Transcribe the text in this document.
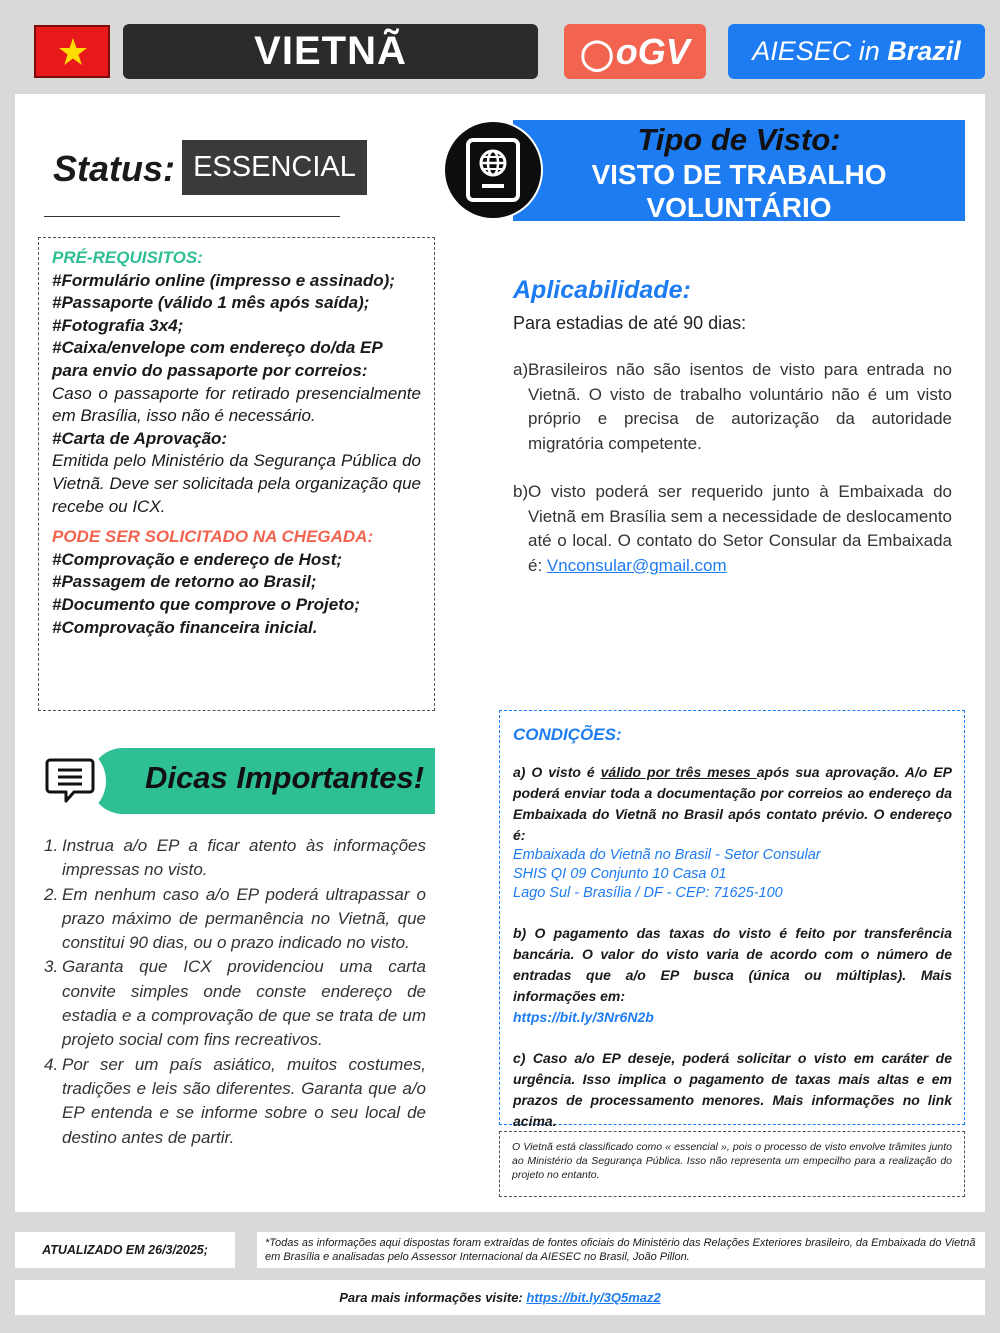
VIETNÃ	◯oGV	AIESEC in Brazil
Status: ESSENCIAL
Tipo de Visto:
VISTO DE TRABALHO
VOLUNTÁRIO
PRÉ-REQUISITOS:
#Formulário online (impresso e assinado);
#Passaporte (válido 1 mês após saída);
#Fotografia 3x4;
#Caixa/envelope com endereço do/da EP para envio do passaporte por correios:
Caso o passaporte for retirado presencialmente em Brasília, isso não é necessário.
#Carta de Aprovação:
Emitida pelo Ministério da Segurança Pública do Vietnã. Deve ser solicitada pela organização que recebe ou ICX.
PODE SER SOLICITADO NA CHEGADA:
#Comprovação e endereço de Host;
#Passagem de retorno ao Brasil;
#Documento que comprove o Projeto;
#Comprovação financeira inicial.
Aplicabilidade:
Para estadias de até 90 dias:
a) Brasileiros não são isentos de visto para entrada no Vietnã. O visto de trabalho voluntário não é um visto próprio e precisa de autorização da autoridade migratória competente.
b) O visto poderá ser requerido junto à Embaixada do Vietnã em Brasília sem a necessidade de deslocamento até o local. O contato do Setor Consular da Embaixada é: Vnconsular@gmail.com
Dicas Importantes!
1. Instrua a/o EP a ficar atento às informações impressas no visto.
2. Em nenhum caso a/o EP poderá ultrapassar o prazo máximo de permanência no Vietnã, que constitui 90 dias, ou o prazo indicado no visto.
3. Garanta que ICX providenciou uma carta convite simples onde conste endereço de estadia e a comprovação de que se trata de um projeto social com fins recreativos.
4. Por ser um país asiático, muitos costumes, tradições e leis são diferentes. Garanta que a/o EP entenda e se informe sobre o seu local de destino antes de partir.
CONDIÇÕES:
a) O visto é válido por três meses após sua aprovação. A/o EP poderá enviar toda a documentação por correios ao endereço da Embaixada do Vietnã no Brasil após contato prévio. O endereço é:
Embaixada do Vietnã no Brasil - Setor Consular
SHIS QI 09 Conjunto 10 Casa 01
Lago Sul - Brasília / DF - CEP: 71625-100
b) O pagamento das taxas do visto é feito por transferência bancária. O valor do visto varia de acordo com o número de entradas que a/o EP busca (única ou múltiplas). Mais informações em:
https://bit.ly/3Nr6N2b
c) Caso a/o EP deseje, poderá solicitar o visto em caráter de urgência. Isso implica o pagamento de taxas mais altas e em prazos de processamento menores. Mais informações no link acima.
O Vietnã está classificado como « essencial », pois o processo de visto envolve trâmites junto ao Ministério da Segurança Pública. Isso não representa um empecilho para a realização do projeto no entanto.
ATUALIZADO EM 26/3/2025;	*Todas as informações aqui dispostas foram extraídas de fontes oficiais do Ministério das Relações Exteriores brasileiro, da Embaixada do Vietnã em Brasília e analisadas pelo Assessor Internacional da AIESEC no Brasil, João Pillon.
Para mais informações visite: https://bit.ly/3Q5maz2
